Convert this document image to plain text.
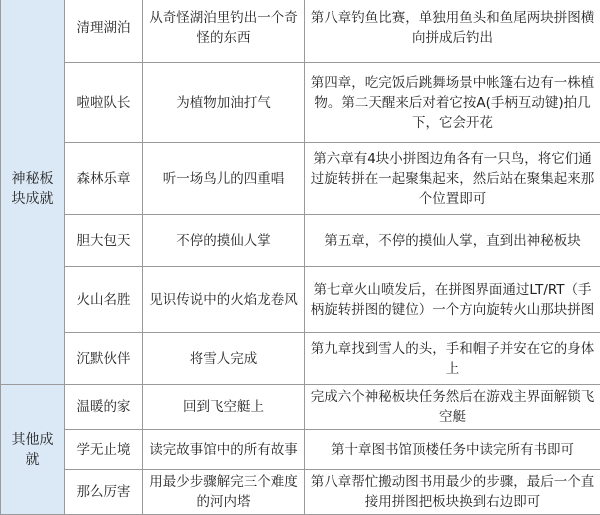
神秘板块成就	清理湖泊	从奇怪湖泊里钓出一个奇怪的东西	第八章钓鱼比赛，单独用鱼头和鱼尾两块拼图横向拼成后钓出
	啦啦队长	为植物加油打气	第四章，吃完饭后跳舞场景中帐篷右边有一株植物。第二天醒来后对着它按A(手柄互动键)拍几下，它会开花
	森林乐章	听一场鸟儿的四重唱	第六章有4块小拼图边角各有一只鸟，将它们通过旋转拼在一起聚集起来，然后站在聚集起来那个位置即可
	胆大包天	不停的摸仙人掌	第五章，不停的摸仙人掌，直到出神秘板块
	火山名胜	见识传说中的火焰龙卷风	第七章火山喷发后，在拼图界面通过LT/RT（手柄旋转拼图的键位）一个方向旋转火山那块拼图
	沉默伙伴	将雪人完成	第九章找到雪人的头，手和帽子并安在它的身体上

其他成就	温暖的家	回到飞空艇上	完成六个神秘板块任务然后在游戏主界面解锁飞空艇
	学无止境	读完故事馆中的所有故事	第十章图书馆顶楼任务中读完所有书即可
	那么厉害	用最少步骤解完三个难度的河内塔	第八章帮忙搬动图书用最少的步骤，最后一个直接用拼图把板块换到右边即可
